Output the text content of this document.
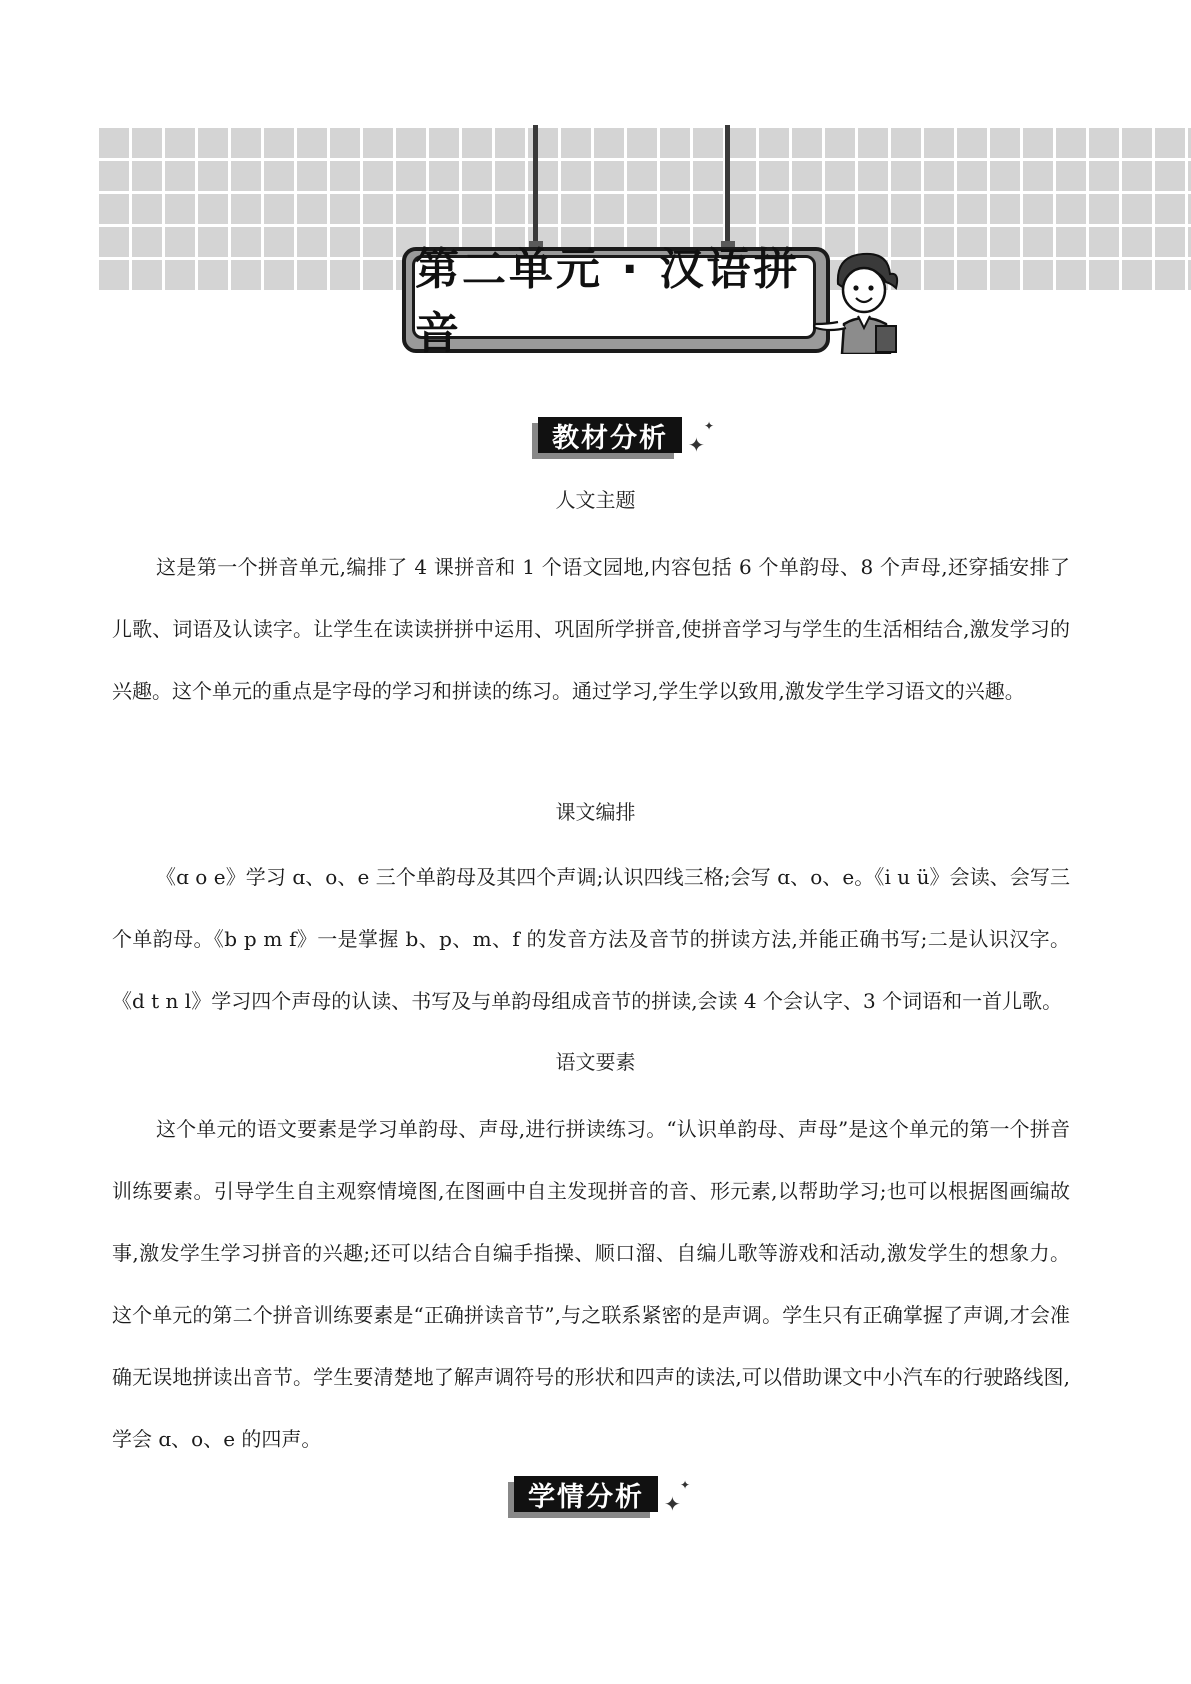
第二单元 · 汉语拼音
教材分析 ✦
✦
人文主题
这是第一个拼音单元,编排了 4 课拼音和 1 个语文园地,内容包括 6 个单韵母、8 个声母,还穿插安排了儿歌、词语及认读字。让学生在读读拼拼中运用、巩固所学拼音,使拼音学习与学生的生活相结合,激发学习的兴趣。这个单元的重点是字母的学习和拼读的练习。通过学习,学生学以致用,激发学生学习语文的兴趣。
课文编排
《ɑ o e》学习 ɑ、o、e 三个单韵母及其四个声调;认识四线三格;会写 ɑ、o、e。《i u ü》会读、会写三个单韵母。《b p m f》一是掌握 b、p、m、f 的发音方法及音节的拼读方法,并能正确书写;二是认识汉字。《d t n l》学习四个声母的认读、书写及与单韵母组成音节的拼读,会读 4 个会认字、3 个词语和一首儿歌。
语文要素
这个单元的语文要素是学习单韵母、声母,进行拼读练习。“认识单韵母、声母”是这个单元的第一个拼音训练要素。引导学生自主观察情境图,在图画中自主发现拼音的音、形元素,以帮助学习;也可以根据图画编故事,激发学生学习拼音的兴趣;还可以结合自编手指操、顺口溜、自编儿歌等游戏和活动,激发学生的想象力。这个单元的第二个拼音训练要素是“正确拼读音节”,与之联系紧密的是声调。学生只有正确掌握了声调,才会准确无误地拼读出音节。学生要清楚地了解声调符号的形状和四声的读法,可以借助课文中小汽车的行驶路线图,学会 ɑ、o、e 的四声。
学情分析 ✦
✦
